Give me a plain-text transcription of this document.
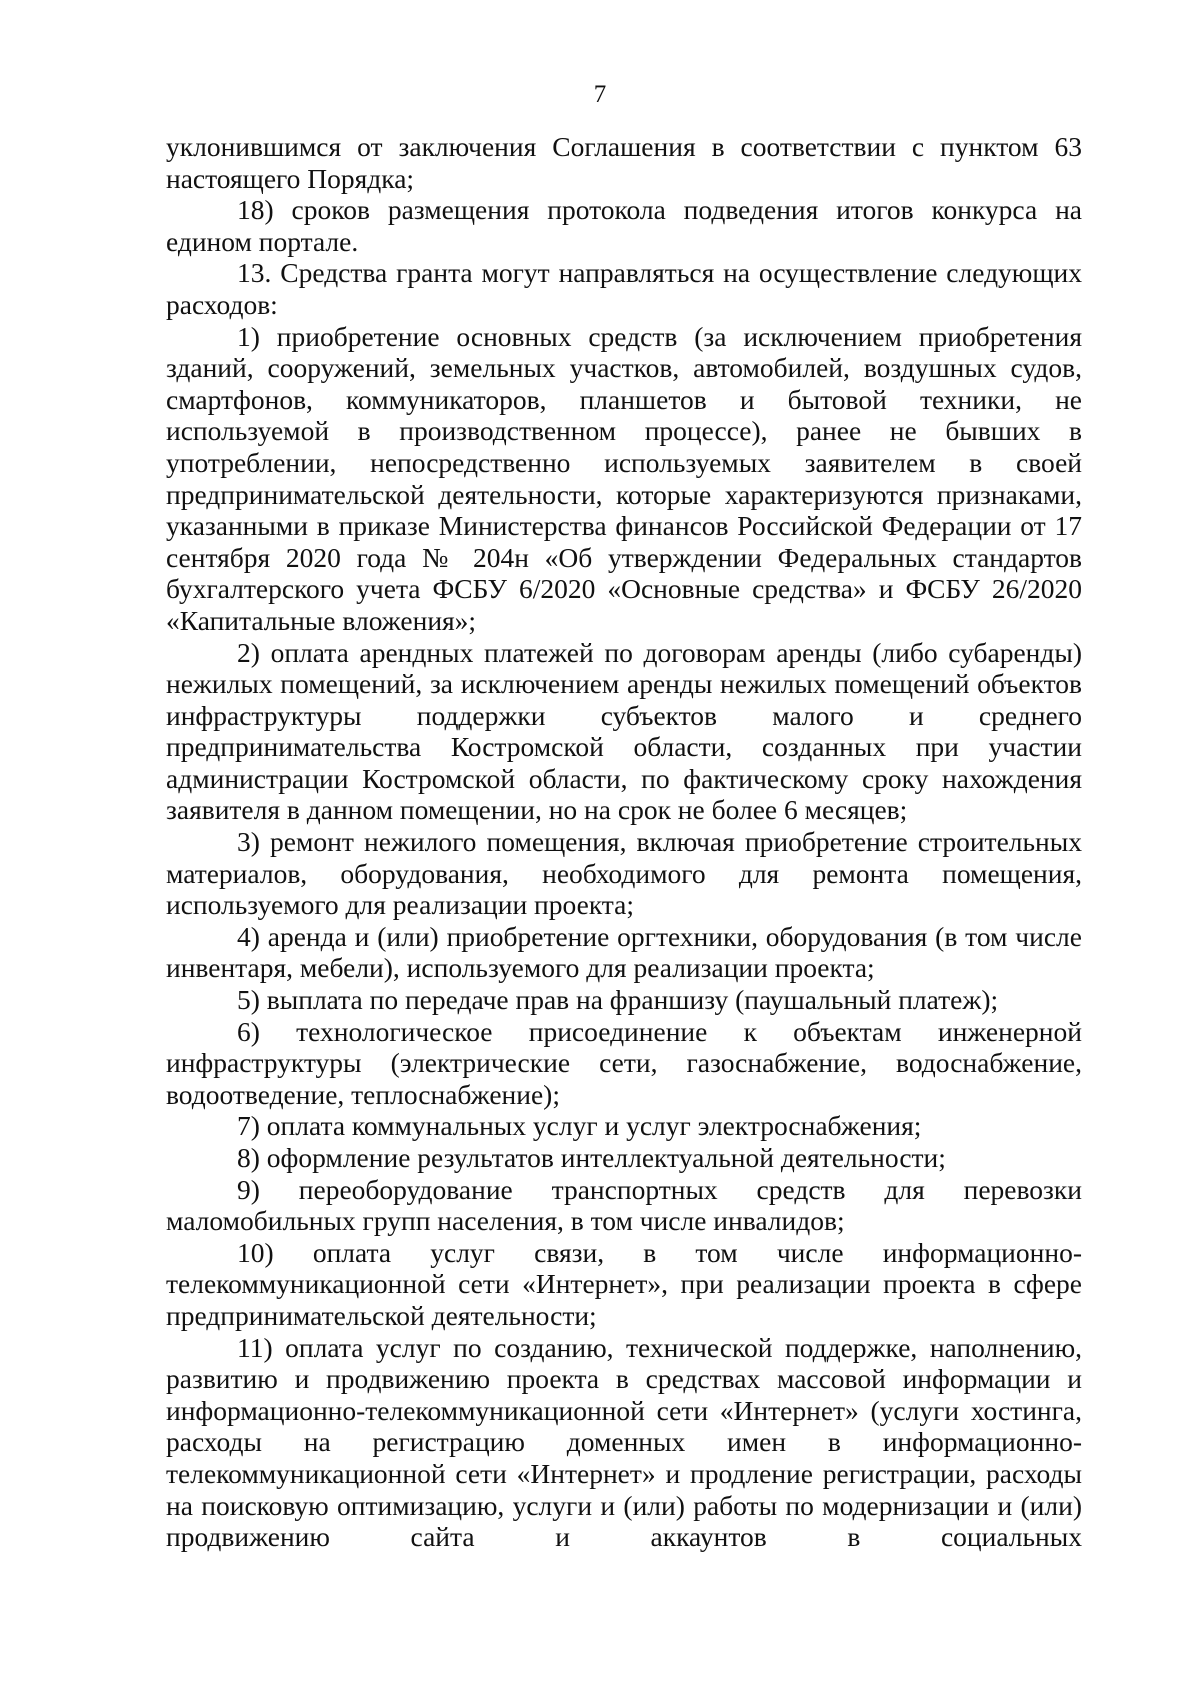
7

уклонившимся от заключения Соглашения в соответствии с пунктом 63 настоящего Порядка;

18) сроков размещения протокола подведения итогов конкурса на едином портале.

13. Средства гранта могут направляться на осуществление следующих расходов:

1) приобретение основных средств (за исключением приобретения зданий, сооружений, земельных участков, автомобилей, воздушных судов, смартфонов, коммуникаторов, планшетов и бытовой техники, не используемой в производственном процессе), ранее не бывших в употреблении, непосредственно используемых заявителем в своей предпринимательской деятельности, которые характеризуются признаками, указанными в приказе Министерства финансов Российской Федерации от 17 сентября 2020 года № 204н «Об утверждении Федеральных стандартов бухгалтерского учета ФСБУ 6/2020 «Основные средства» и ФСБУ 26/2020 «Капитальные вложения»;

2) оплата арендных платежей по договорам аренды (либо субаренды) нежилых помещений, за исключением аренды нежилых помещений объектов инфраструктуры поддержки субъектов малого и среднего предпринимательства Костромской области, созданных при участии администрации Костромской области, по фактическому сроку нахождения заявителя в данном помещении, но на срок не более 6 месяцев;

3) ремонт нежилого помещения, включая приобретение строительных материалов, оборудования, необходимого для ремонта помещения, используемого для реализации проекта;

4) аренда и (или) приобретение оргтехники, оборудования (в том числе инвентаря, мебели), используемого для реализации проекта;

5) выплата по передаче прав на франшизу (паушальный платеж);

6) технологическое присоединение к объектам инженерной инфраструктуры (электрические сети, газоснабжение, водоснабжение, водоотведение, теплоснабжение);

7) оплата коммунальных услуг и услуг электроснабжения;

8) оформление результатов интеллектуальной деятельности;

9) переоборудование транспортных средств для перевозки маломобильных групп населения, в том числе инвалидов;

10) оплата услуг связи, в том числе информационно-телекоммуникационной сети «Интернет», при реализации проекта в сфере предпринимательской деятельности;

11) оплата услуг по созданию, технической поддержке, наполнению, развитию и продвижению проекта в средствах массовой информации и информационно-телекоммуникационной сети «Интернет» (услуги хостинга, расходы на регистрацию доменных имен в информационно-телекоммуникационной сети «Интернет» и продление регистрации, расходы на поисковую оптимизацию, услуги и (или) работы по модернизации и (или) продвижению сайта и аккаунтов в социальных
